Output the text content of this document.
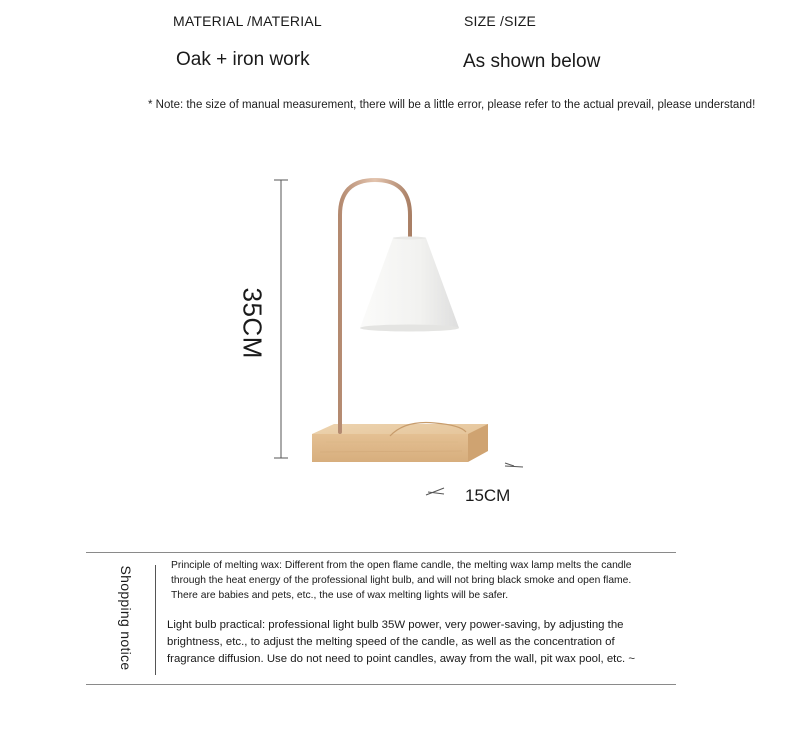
MATERIAL /MATERIAL	SIZE /SIZE
Oak + iron work	As shown below
* Note: the size of manual measurement, there will be a little error, please refer to the actual prevail, please understand!
35CM
15CM
Shopping notice
Principle of melting wax: Different from the open flame candle, the melting wax lamp melts the candle
through the heat energy of the professional light bulb, and will not bring black smoke and open flame.
There are babies and pets, etc., the use of wax melting lights will be safer.
Light bulb practical: professional light bulb 35W power, very power-saving, by adjusting the
brightness, etc., to adjust the melting speed of the candle, as well as the concentration of
fragrance diffusion. Use do not need to point candles, away from the wall, pit wax pool, etc. ~
